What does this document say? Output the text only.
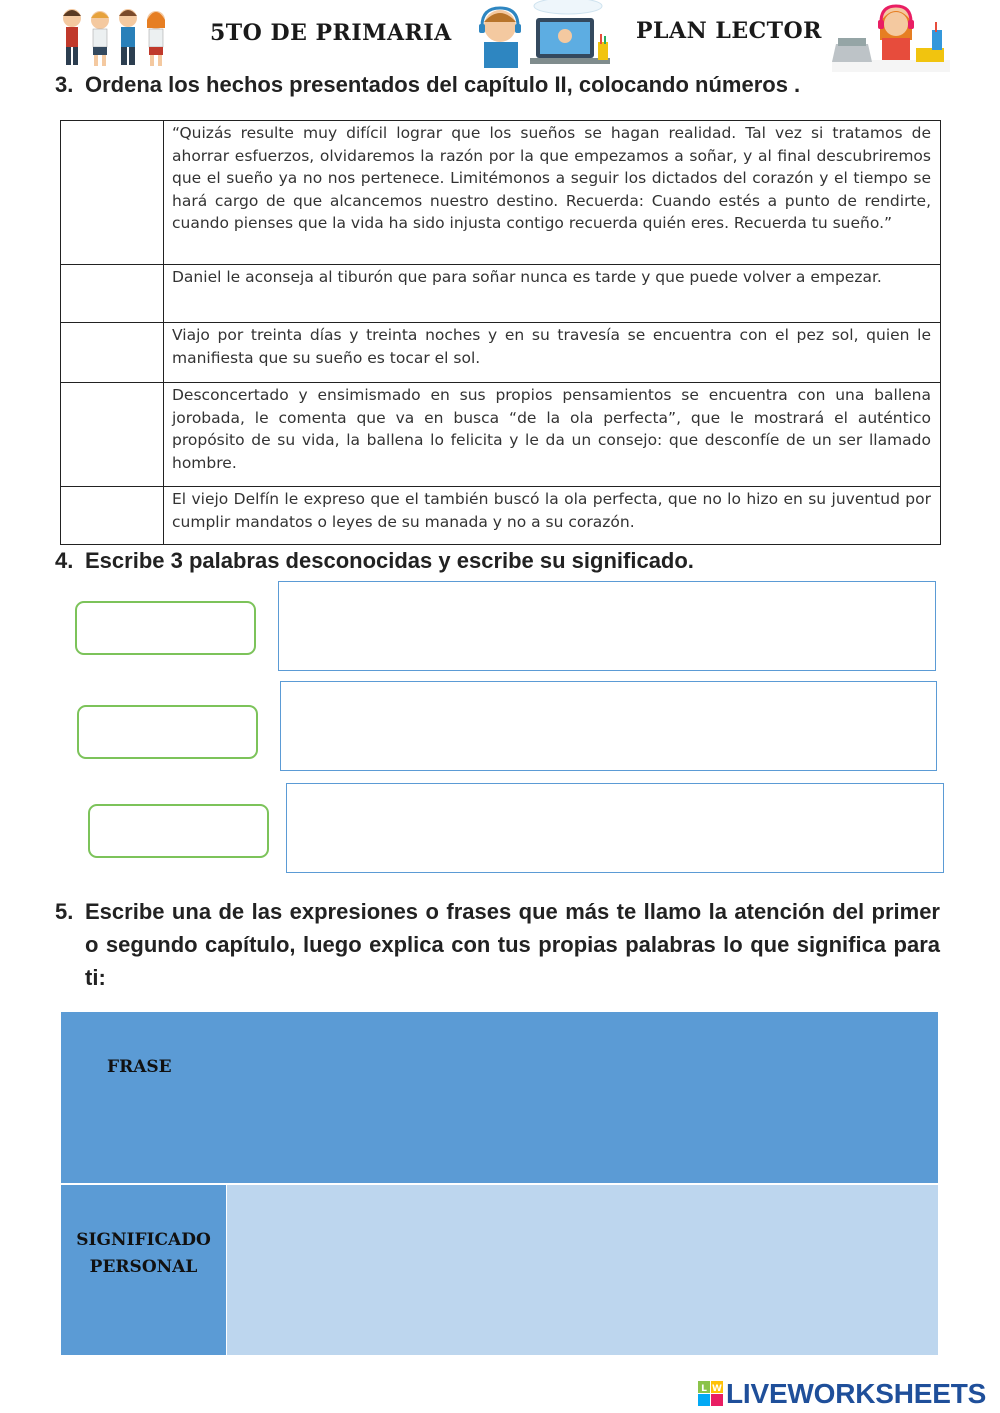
5TO DE PRIMARIA	PLAN LECTOR
3. Ordena los hechos presentados del capítulo II, colocando números .
	“Quizás resulte muy difícil lograr que los sueños se hagan realidad. Tal vez si tratamos de ahorrar esfuerzos, olvidaremos la razón por la que empezamos a soñar, y al final descubriremos que el sueño ya no nos pertenece. Limitémonos a seguir los dictados del corazón y el tiempo se hará cargo de que alcancemos nuestro destino. Recuerda: Cuando estés a punto de rendirte, cuando pienses que la vida ha sido injusta contigo recuerda quién eres. Recuerda tu sueño.”
	Daniel le aconseja al tiburón que para soñar nunca es tarde y que puede volver a empezar.
	Viajo por treinta días y treinta noches y en su travesía se encuentra con el pez sol, quien le manifiesta que su sueño es tocar el sol.
	Desconcertado y ensimismado en sus propios pensamientos se encuentra con una ballena jorobada, le comenta que va en busca “de la ola perfecta”, que le mostrará el auténtico propósito de su vida, la ballena lo felicita y le da un consejo: que desconfíe de un ser llamado hombre.
	El viejo Delfín le expreso que el también buscó la ola perfecta, que no lo hizo en su juventud por cumplir mandatos o leyes de su manada y no a su corazón.
4. Escribe 3 palabras desconocidas y escribe su significado.
5. Escribe una de las expresiones o frases que más te llamo la atención del primer o segundo capítulo, luego explica con tus propias palabras lo que significa para ti:
FRASE
SIGNIFICADO
PERSONAL
L W LIVEWORKSHEETS
